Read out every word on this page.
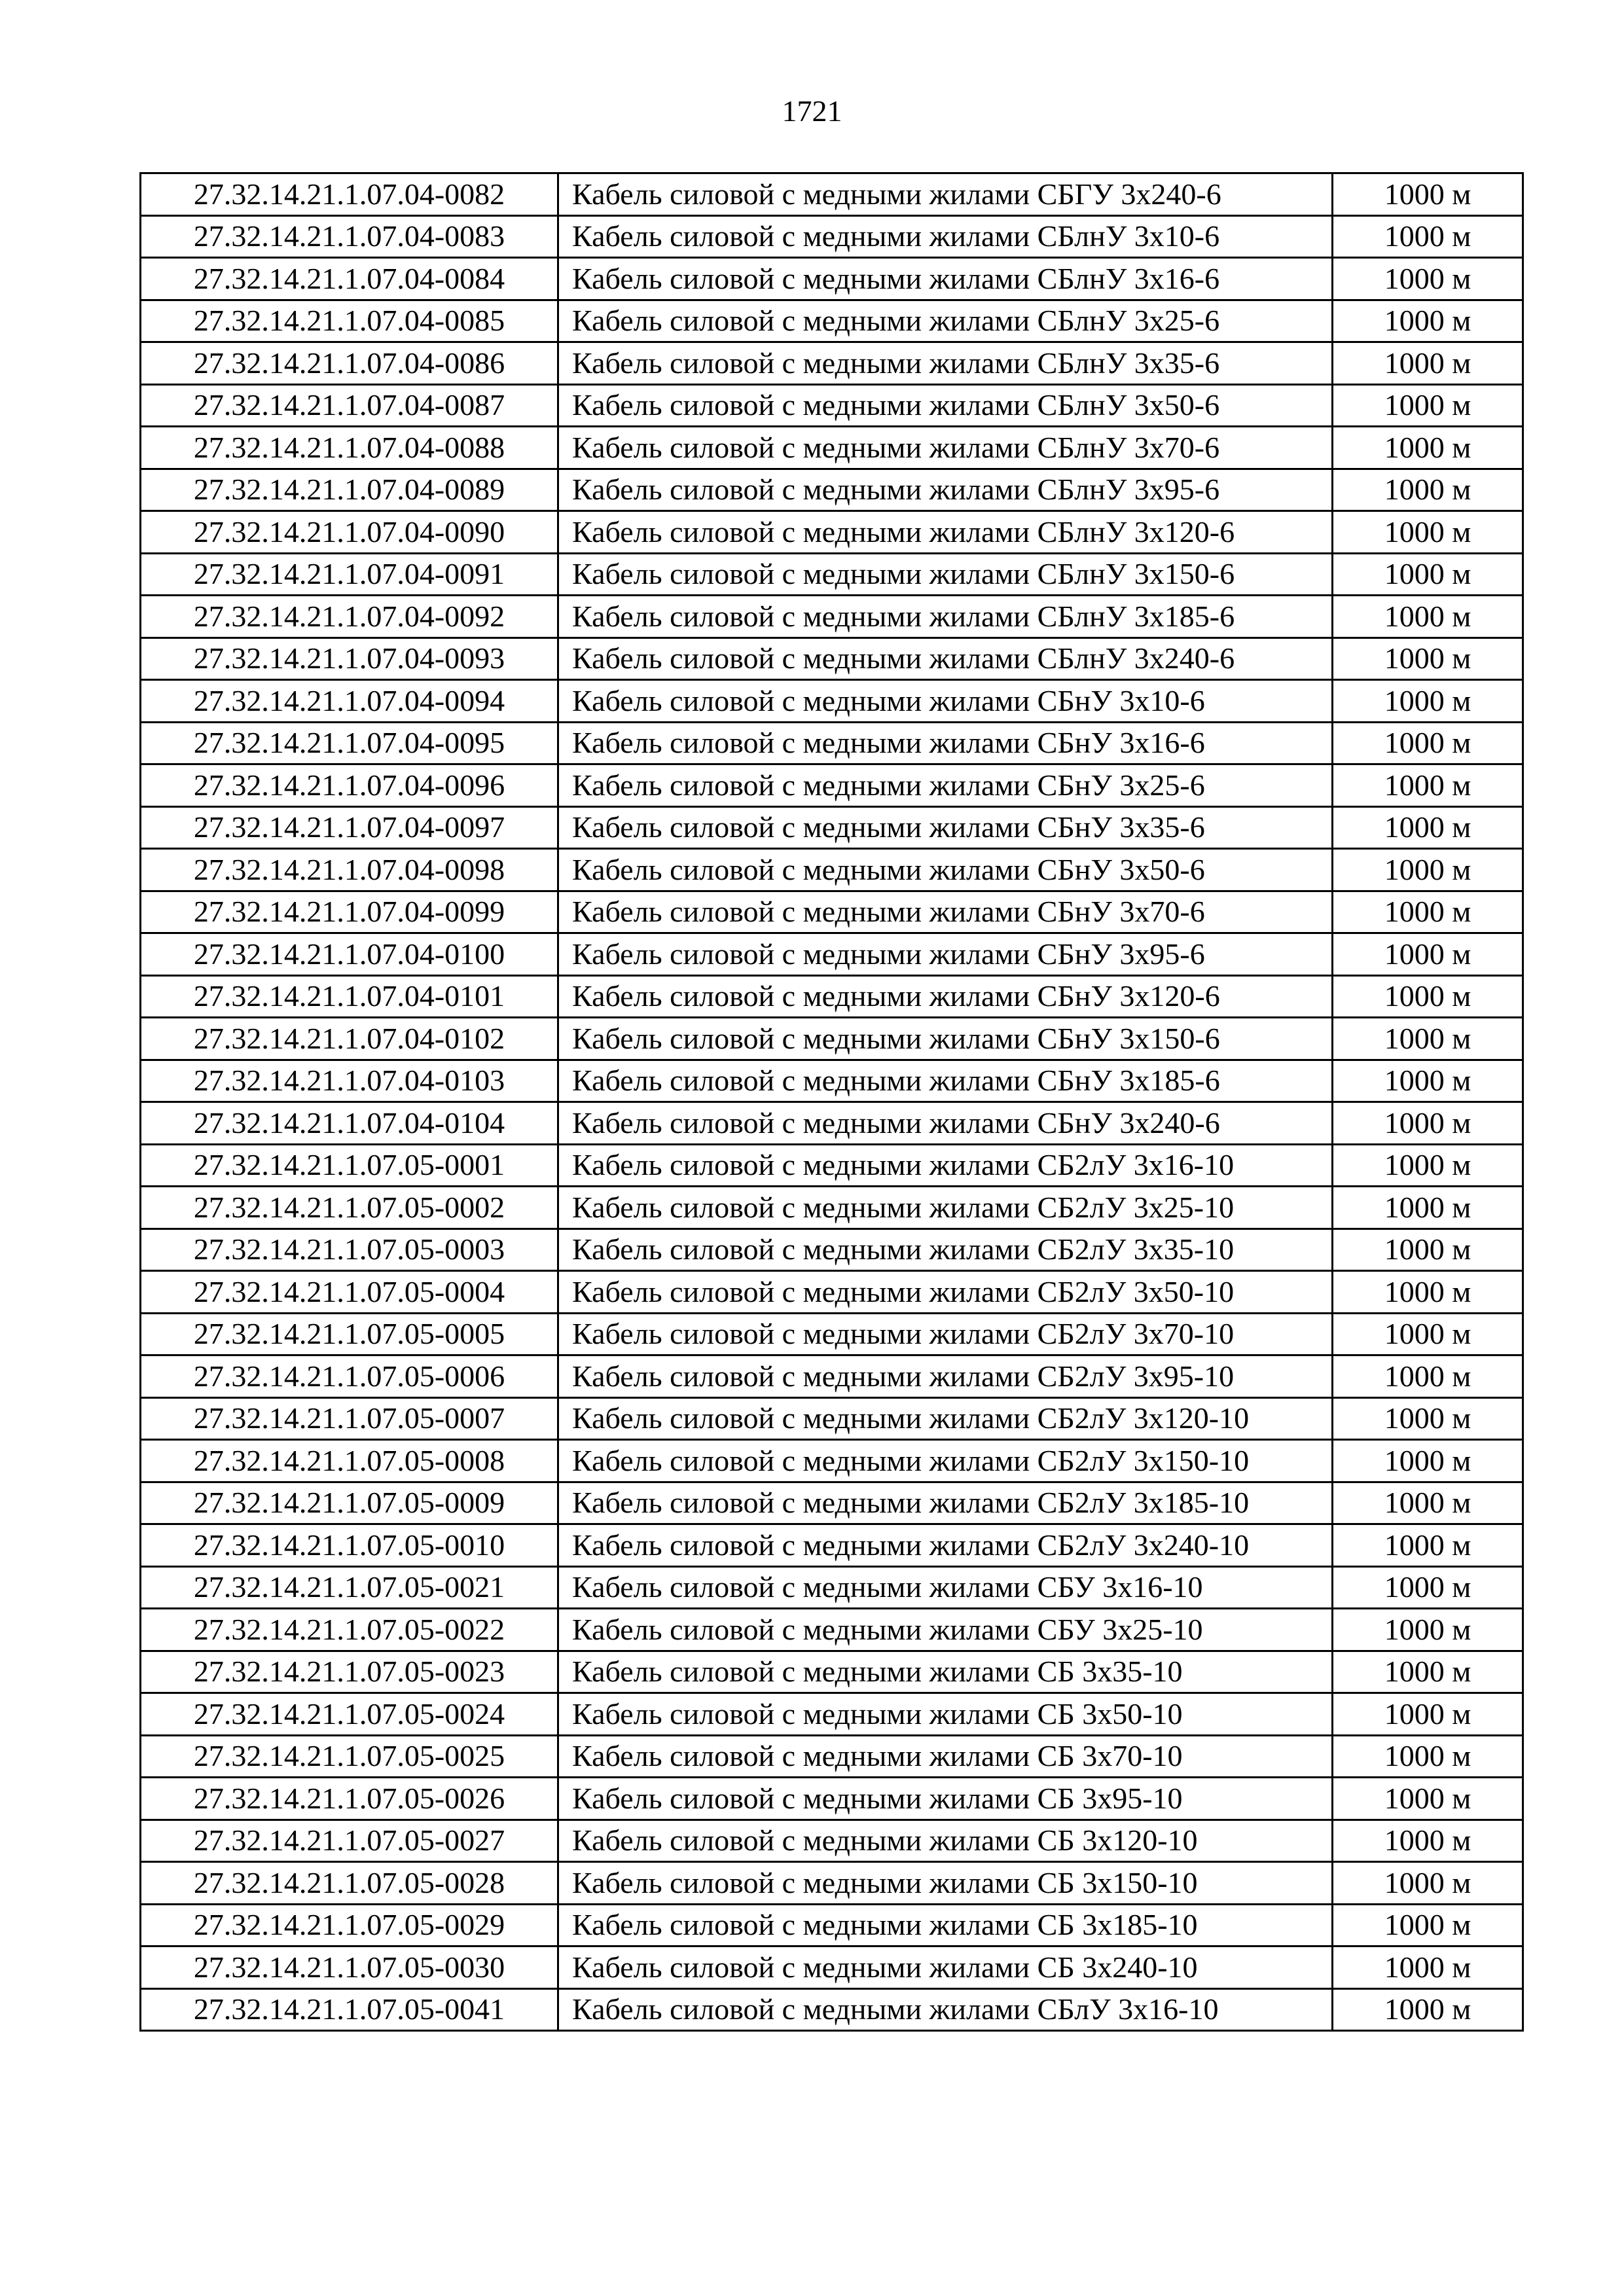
1721
27.32.14.21.1.07.04-0082	Кабель силовой с медными жилами СБГУ 3х240-6	1000 м
27.32.14.21.1.07.04-0083	Кабель силовой с медными жилами СБлнУ 3х10-6	1000 м
27.32.14.21.1.07.04-0084	Кабель силовой с медными жилами СБлнУ 3х16-6	1000 м
27.32.14.21.1.07.04-0085	Кабель силовой с медными жилами СБлнУ 3х25-6	1000 м
27.32.14.21.1.07.04-0086	Кабель силовой с медными жилами СБлнУ 3х35-6	1000 м
27.32.14.21.1.07.04-0087	Кабель силовой с медными жилами СБлнУ 3х50-6	1000 м
27.32.14.21.1.07.04-0088	Кабель силовой с медными жилами СБлнУ 3х70-6	1000 м
27.32.14.21.1.07.04-0089	Кабель силовой с медными жилами СБлнУ 3х95-6	1000 м
27.32.14.21.1.07.04-0090	Кабель силовой с медными жилами СБлнУ 3х120-6	1000 м
27.32.14.21.1.07.04-0091	Кабель силовой с медными жилами СБлнУ 3х150-6	1000 м
27.32.14.21.1.07.04-0092	Кабель силовой с медными жилами СБлнУ 3х185-6	1000 м
27.32.14.21.1.07.04-0093	Кабель силовой с медными жилами СБлнУ 3х240-6	1000 м
27.32.14.21.1.07.04-0094	Кабель силовой с медными жилами СБнУ 3х10-6	1000 м
27.32.14.21.1.07.04-0095	Кабель силовой с медными жилами СБнУ 3х16-6	1000 м
27.32.14.21.1.07.04-0096	Кабель силовой с медными жилами СБнУ 3х25-6	1000 м
27.32.14.21.1.07.04-0097	Кабель силовой с медными жилами СБнУ 3х35-6	1000 м
27.32.14.21.1.07.04-0098	Кабель силовой с медными жилами СБнУ 3х50-6	1000 м
27.32.14.21.1.07.04-0099	Кабель силовой с медными жилами СБнУ 3х70-6	1000 м
27.32.14.21.1.07.04-0100	Кабель силовой с медными жилами СБнУ 3х95-6	1000 м
27.32.14.21.1.07.04-0101	Кабель силовой с медными жилами СБнУ 3х120-6	1000 м
27.32.14.21.1.07.04-0102	Кабель силовой с медными жилами СБнУ 3х150-6	1000 м
27.32.14.21.1.07.04-0103	Кабель силовой с медными жилами СБнУ 3х185-6	1000 м
27.32.14.21.1.07.04-0104	Кабель силовой с медными жилами СБнУ 3х240-6	1000 м
27.32.14.21.1.07.05-0001	Кабель силовой с медными жилами СБ2лУ 3х16-10	1000 м
27.32.14.21.1.07.05-0002	Кабель силовой с медными жилами СБ2лУ 3х25-10	1000 м
27.32.14.21.1.07.05-0003	Кабель силовой с медными жилами СБ2лУ 3х35-10	1000 м
27.32.14.21.1.07.05-0004	Кабель силовой с медными жилами СБ2лУ 3х50-10	1000 м
27.32.14.21.1.07.05-0005	Кабель силовой с медными жилами СБ2лУ 3х70-10	1000 м
27.32.14.21.1.07.05-0006	Кабель силовой с медными жилами СБ2лУ 3х95-10	1000 м
27.32.14.21.1.07.05-0007	Кабель силовой с медными жилами СБ2лУ 3х120-10	1000 м
27.32.14.21.1.07.05-0008	Кабель силовой с медными жилами СБ2лУ 3х150-10	1000 м
27.32.14.21.1.07.05-0009	Кабель силовой с медными жилами СБ2лУ 3х185-10	1000 м
27.32.14.21.1.07.05-0010	Кабель силовой с медными жилами СБ2лУ 3х240-10	1000 м
27.32.14.21.1.07.05-0021	Кабель силовой с медными жилами СБУ 3х16-10	1000 м
27.32.14.21.1.07.05-0022	Кабель силовой с медными жилами СБУ 3х25-10	1000 м
27.32.14.21.1.07.05-0023	Кабель силовой с медными жилами СБ 3х35-10	1000 м
27.32.14.21.1.07.05-0024	Кабель силовой с медными жилами СБ 3х50-10	1000 м
27.32.14.21.1.07.05-0025	Кабель силовой с медными жилами СБ 3х70-10	1000 м
27.32.14.21.1.07.05-0026	Кабель силовой с медными жилами СБ 3х95-10	1000 м
27.32.14.21.1.07.05-0027	Кабель силовой с медными жилами СБ 3х120-10	1000 м
27.32.14.21.1.07.05-0028	Кабель силовой с медными жилами СБ 3х150-10	1000 м
27.32.14.21.1.07.05-0029	Кабель силовой с медными жилами СБ 3х185-10	1000 м
27.32.14.21.1.07.05-0030	Кабель силовой с медными жилами СБ 3х240-10	1000 м
27.32.14.21.1.07.05-0041	Кабель силовой с медными жилами СБлУ 3х16-10	1000 м
